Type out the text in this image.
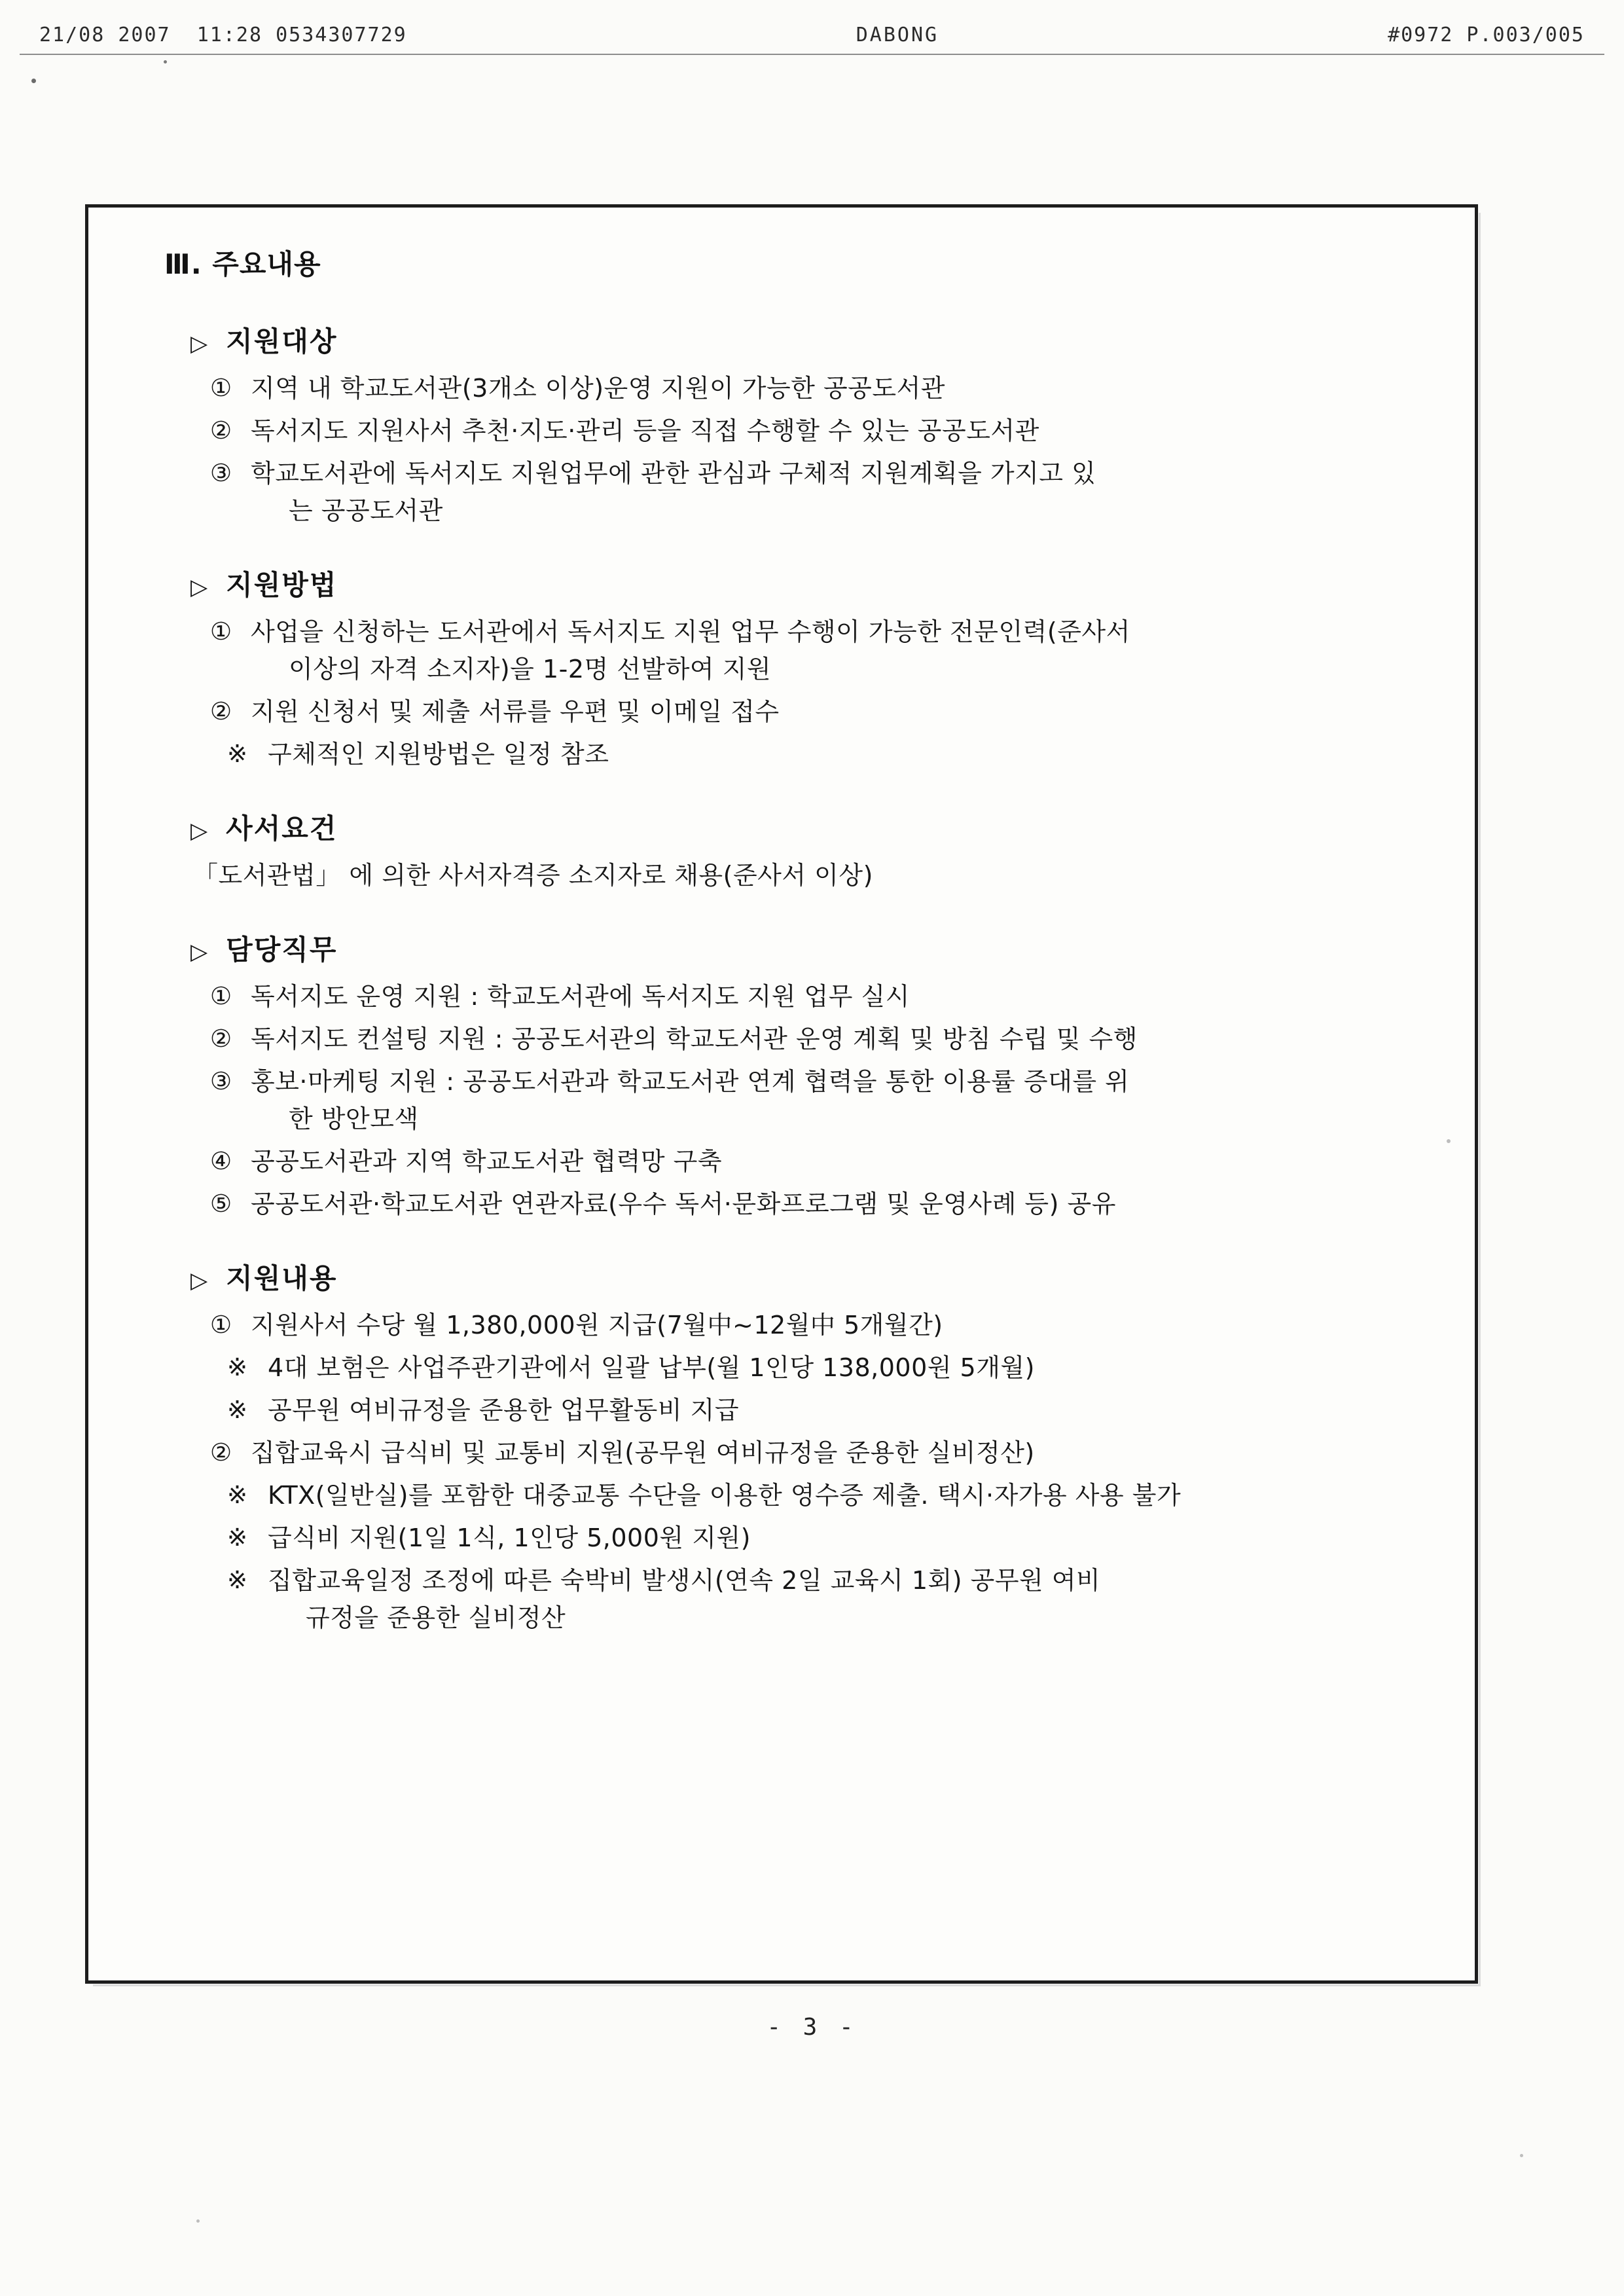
21/08 2007  11:28 0534307729	DABONG	#0972 P.003/005
Ⅲ. 주요내용
▷ 지원대상
① 지역 내 학교도서관(3개소 이상)운영 지원이 가능한 공공도서관
② 독서지도 지원사서 추천·지도·관리 등을 직접 수행할 수 있는 공공도서관
③ 학교도서관에 독서지도 지원업무에 관한 관심과 구체적 지원계획을 가지고 있
는 공공도서관
▷ 지원방법
① 사업을 신청하는 도서관에서 독서지도 지원 업무 수행이 가능한 전문인력(준사서
이상의 자격 소지자)을 1-2명 선발하여 지원
② 지원 신청서 및 제출 서류를 우편 및 이메일 접수
※ 구체적인 지원방법은 일정 참조
▷ 사서요건
「도서관법」 에 의한 사서자격증 소지자로 채용(준사서 이상)
▷ 담당직무
① 독서지도 운영 지원 : 학교도서관에 독서지도 지원 업무 실시
② 독서지도 컨설팅 지원 : 공공도서관의 학교도서관 운영 계획 및 방침 수립 및 수행
③ 홍보·마케팅 지원 : 공공도서관과 학교도서관 연계 협력을 통한 이용률 증대를 위
한 방안모색
④ 공공도서관과 지역 학교도서관 협력망 구축
⑤ 공공도서관·학교도서관 연관자료(우수 독서·문화프로그램 및 운영사례 등) 공유
▷ 지원내용
① 지원사서 수당 월 1,380,000원 지급(7월中~12월中 5개월간)
※ 4대 보험은 사업주관기관에서 일괄 납부(월 1인당 138,000원 5개월)
※ 공무원 여비규정을 준용한 업무활동비 지급
② 집합교육시 급식비 및 교통비 지원(공무원 여비규정을 준용한 실비정산)
※ KTX(일반실)를 포함한 대중교통 수단을 이용한 영수증 제출. 택시·자가용 사용 불가
※ 급식비 지원(1일 1식, 1인당 5,000원 지원)
※ 집합교육일정 조정에 따른 숙박비 발생시(연속 2일 교육시 1회) 공무원 여비
규정을 준용한 실비정산
- 3 -
